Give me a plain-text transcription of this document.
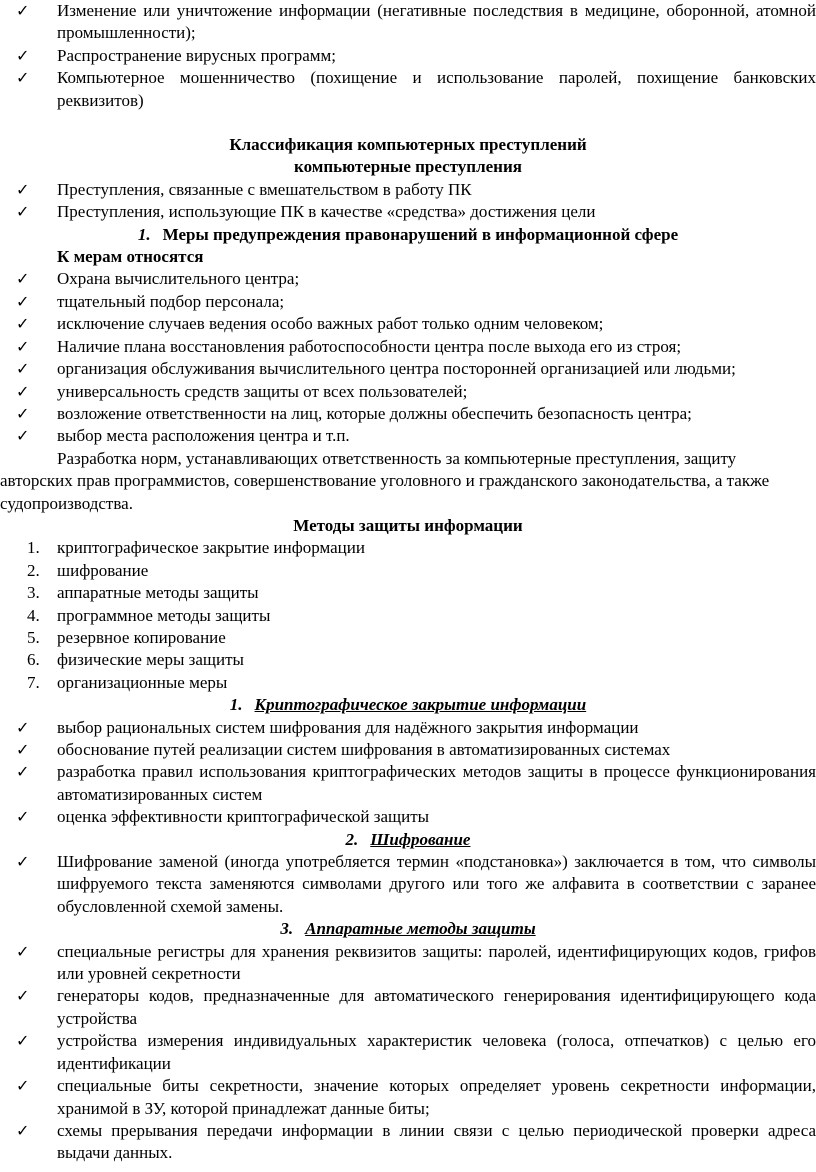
✓ Изменение или уничтожение информации (негативные последствия в медицине, оборонной, атомной промышленности);
✓ Распространение вирусных программ;
✓ Компьютерное мошенничество (похищение и использование паролей, похищение банковских реквизитов)
Классификация компьютерных преступлений
компьютерные преступления
✓ Преступления, связанные с вмешательством в работу ПК
✓ Преступления, использующие ПК в качестве «средства» достижения цели
1. Меры предупреждения правонарушений в информационной сфере
К мерам относятся
✓ Охрана вычислительного центра;
✓ тщательный подбор персонала;
✓ исключение случаев ведения особо важных работ только одним человеком;
✓ Наличие плана восстановления работоспособности центра после выхода его из строя;
✓ организация обслуживания вычислительного центра посторонней организацией или людьми;
✓ универсальность средств защиты от всех пользователей;
✓ возложение ответственности на лиц, которые должны обеспечить безопасность центра;
✓ выбор места расположения центра и т.п.
Разработка норм, устанавливающих ответственность за компьютерные преступления, защиту авторских прав программистов, совершенствование уголовного и гражданского законодательства, а также судопроизводства.
Методы защиты информации
1. криптографическое закрытие информации
2. шифрование
3. аппаратные методы защиты
4. программное методы защиты
5. резервное копирование
6. физические меры защиты
7. организационные меры
1. Криптографическое закрытие информации
✓ выбор рациональных систем шифрования для надёжного закрытия информации
✓ обоснование путей реализации систем шифрования в автоматизированных системах
✓ разработка правил использования криптографических методов защиты в процессе функционирования автоматизированных систем
✓ оценка эффективности криптографической защиты
2. Шифрование
✓ Шифрование заменой (иногда употребляется термин «подстановка») заключается в том, что символы шифруемого текста заменяются символами другого или того же алфавита в соответствии с заранее обусловленной схемой замены.
3. Аппаратные методы защиты
✓ специальные регистры для хранения реквизитов защиты: паролей, идентифицирующих кодов, грифов или уровней секретности
✓ генераторы кодов, предназначенные для автоматического генерирования идентифицирующего кода устройства
✓ устройства измерения индивидуальных характеристик человека (голоса, отпечатков) с целью его идентификации
✓ специальные биты секретности, значение которых определяет уровень секретности информации, хранимой в ЗУ, которой принадлежат данные биты;
✓ схемы прерывания передачи информации в линии связи с целью периодической проверки адреса выдачи данных.
